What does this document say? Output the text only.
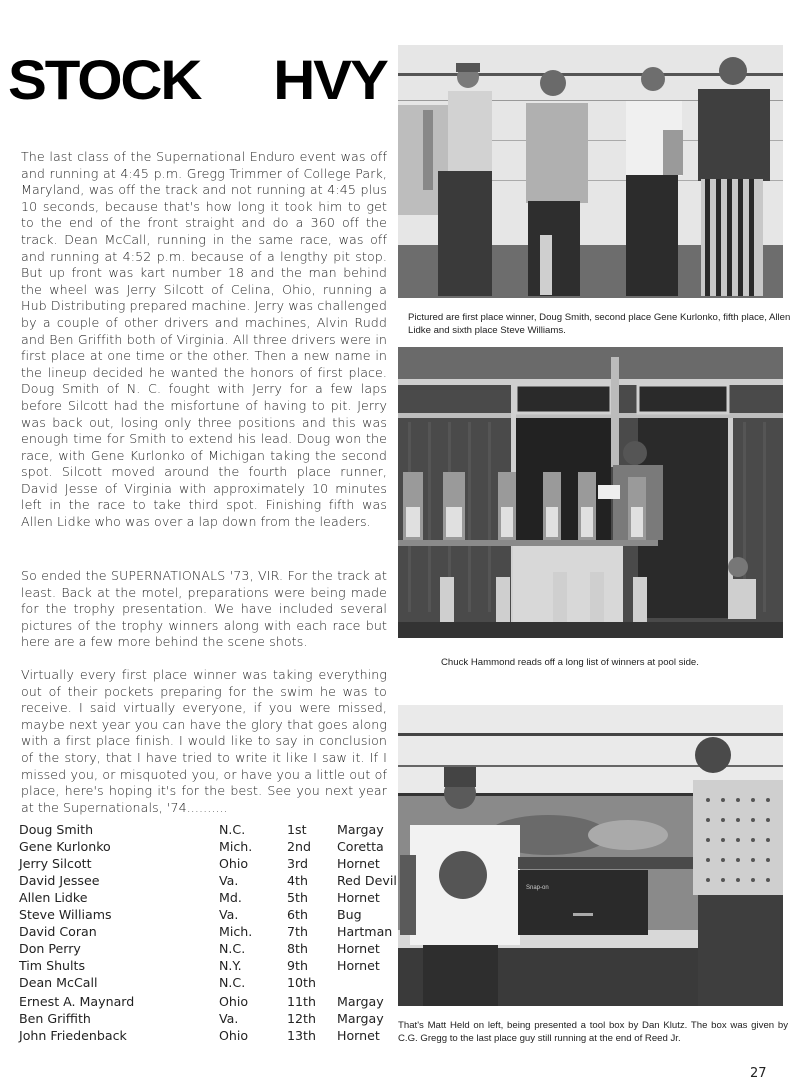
STOCK HVY

The last class of the Supernational Enduro event was off and running at 4:45 p.m. Gregg Trimmer of College Park, Maryland, was off the track and not running at 4:45 plus 10 seconds, because that's how long it took him to get to the end of the front straight and do a 360 off the track. Dean McCall, running in the same race, was off and running at 4:52 p.m. because of a lengthy pit stop. But up front was kart number 18 and the man behind the wheel was Jerry Silcott of Celina, Ohio, running a Hub Distributing prepared machine. Jerry was challenged by a couple of other drivers and machines, Alvin Rudd and Ben Griffith both of Virginia. All three drivers were in first place at one time or the other. Then a new name in the lineup decided he wanted the honors of first place. Doug Smith of N. C. fought with Jerry for a few laps before Silcott had the misfortune of having to pit. Jerry was back out, losing only three positions and this was enough time for Smith to extend his lead. Doug won the race, with Gene Kurlonko of Michigan taking the second spot. Silcott moved around the fourth place runner, David Jesse of Virginia with approximately 10 minutes left in the race to take third spot. Finishing fifth was Allen Lidke who was over a lap down from the leaders.

So ended the SUPERNATIONALS '73, VIR. For the track at least. Back at the motel, preparations were being made for the trophy presentation. We have included several pictures of the trophy winners along with each race but here are a few more behind the scene shots.

Virtually every first place winner was taking everything out of their pockets preparing for the swim he was to receive. I said virtually everyone, if you were missed, maybe next year you can have the glory that goes along with a first place finish. I would like to say in conclusion of the story, that I have tried to write it like I saw it. If I missed you, or misquoted you, or have you a little out of place, here's hoping it's for the best. See you next year at the Supernationals, '74..........

Doug Smith	N.C.	1st Margay
Gene Kurlonko	Mich.	2nd Coretta
Jerry Silcott	Ohio	3rd Hornet
David Jessee	Va.	4th Red Devil
Allen Lidke	Md.	5th Hornet
Steve Williams	Va.	6th Bug
David Coran	Mich.	7th Hartman
Don Perry	N.C.	8th Hornet
Tim Shults	N.Y.	9th Hornet
Dean McCall	N.C.	10th
Ernest A. Maynard	Ohio	11th Margay
Ben Griffith	Va.	12th Margay
John Friedenback	Ohio	13th Hornet
Pictured are first place winner, Doug Smith, second place Gene Kurlonko, fifth place, Allen Lidke and sixth place Steve Williams.
Chuck Hammond reads off a long list of winners at pool side.
Snap-on
That's Matt Held on left, being presented a tool box by Dan Klutz. The box was given by C.G. Gregg to the last place guy still running at the end of Reed Jr.
27
